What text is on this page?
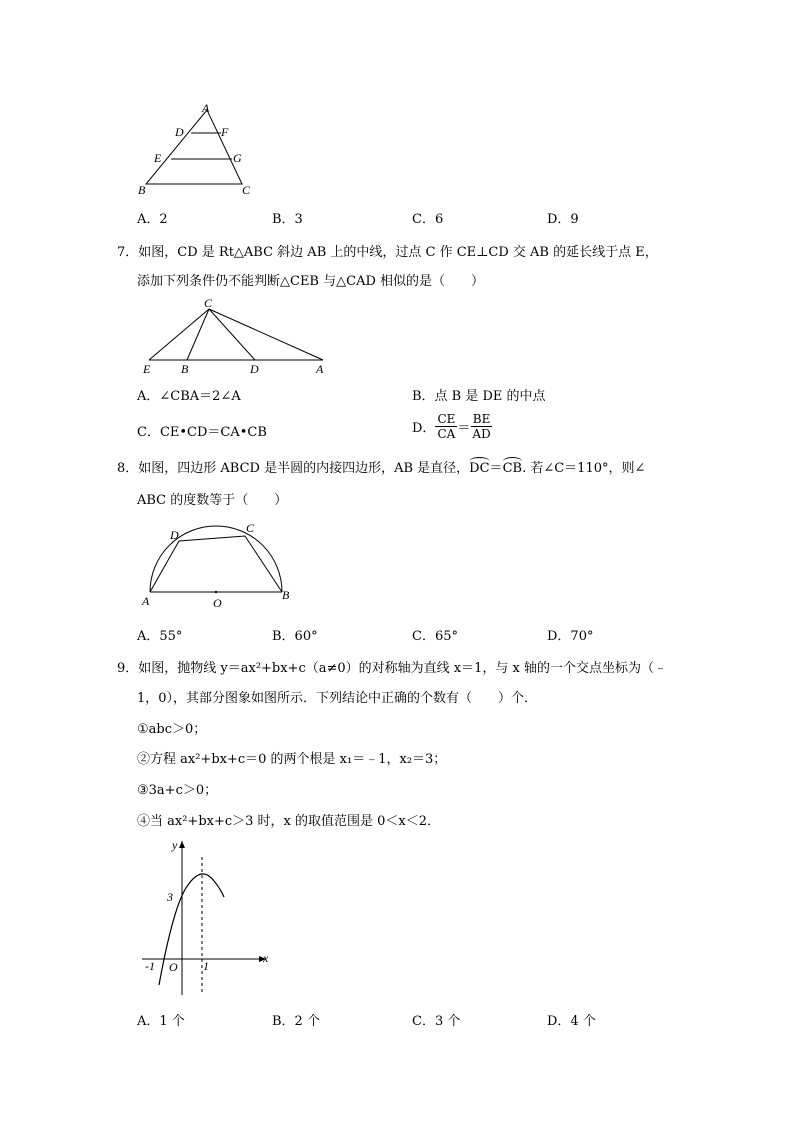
A
D	F
E	G
B	C
A．2	B．3	C．6	D．9
7．如图，CD 是 Rt△ABC 斜边 AB 上的中线，过点 C 作 CE⊥CD 交 AB 的延长线于点 E，
添加下列条件仍不能判断△CEB 与△CAD 相似的是（　　）
C
E	B	D	A
A．∠CBA＝2∠A	B．点 B 是 DE 的中点
C．CE•CD＝CA•CB	D． $\frac{CE}{CA} = \frac{BE}{AD}$
8．如图，四边形 ABCD 是半圆的内接四边形，AB 是直径， DC ＝ CB . 若∠C＝110°，则∠
ABC 的度数等于（　　）
D	C
A	O
B
A．55°	B．60°	C．65°	D．70°
9．如图，抛物线 y＝ax²+bx+c（a≠0）的对称轴为直线 x＝1，与 x 轴的一个交点坐标为（﹣
1，0），其部分图象如图所示．下列结论中正确的个数有（　　）个．
①abc＞0；
②方程 ax²+bx+c＝0 的两个根是 x₁＝﹣1，x₂＝3；
③3a+c＞0；
④当 ax²+bx+c＞3 时，x 的取值范围是 0＜x＜2．
y
x
3
-1 O 1
A．1 个	B．2 个	C．3 个	D．4 个
